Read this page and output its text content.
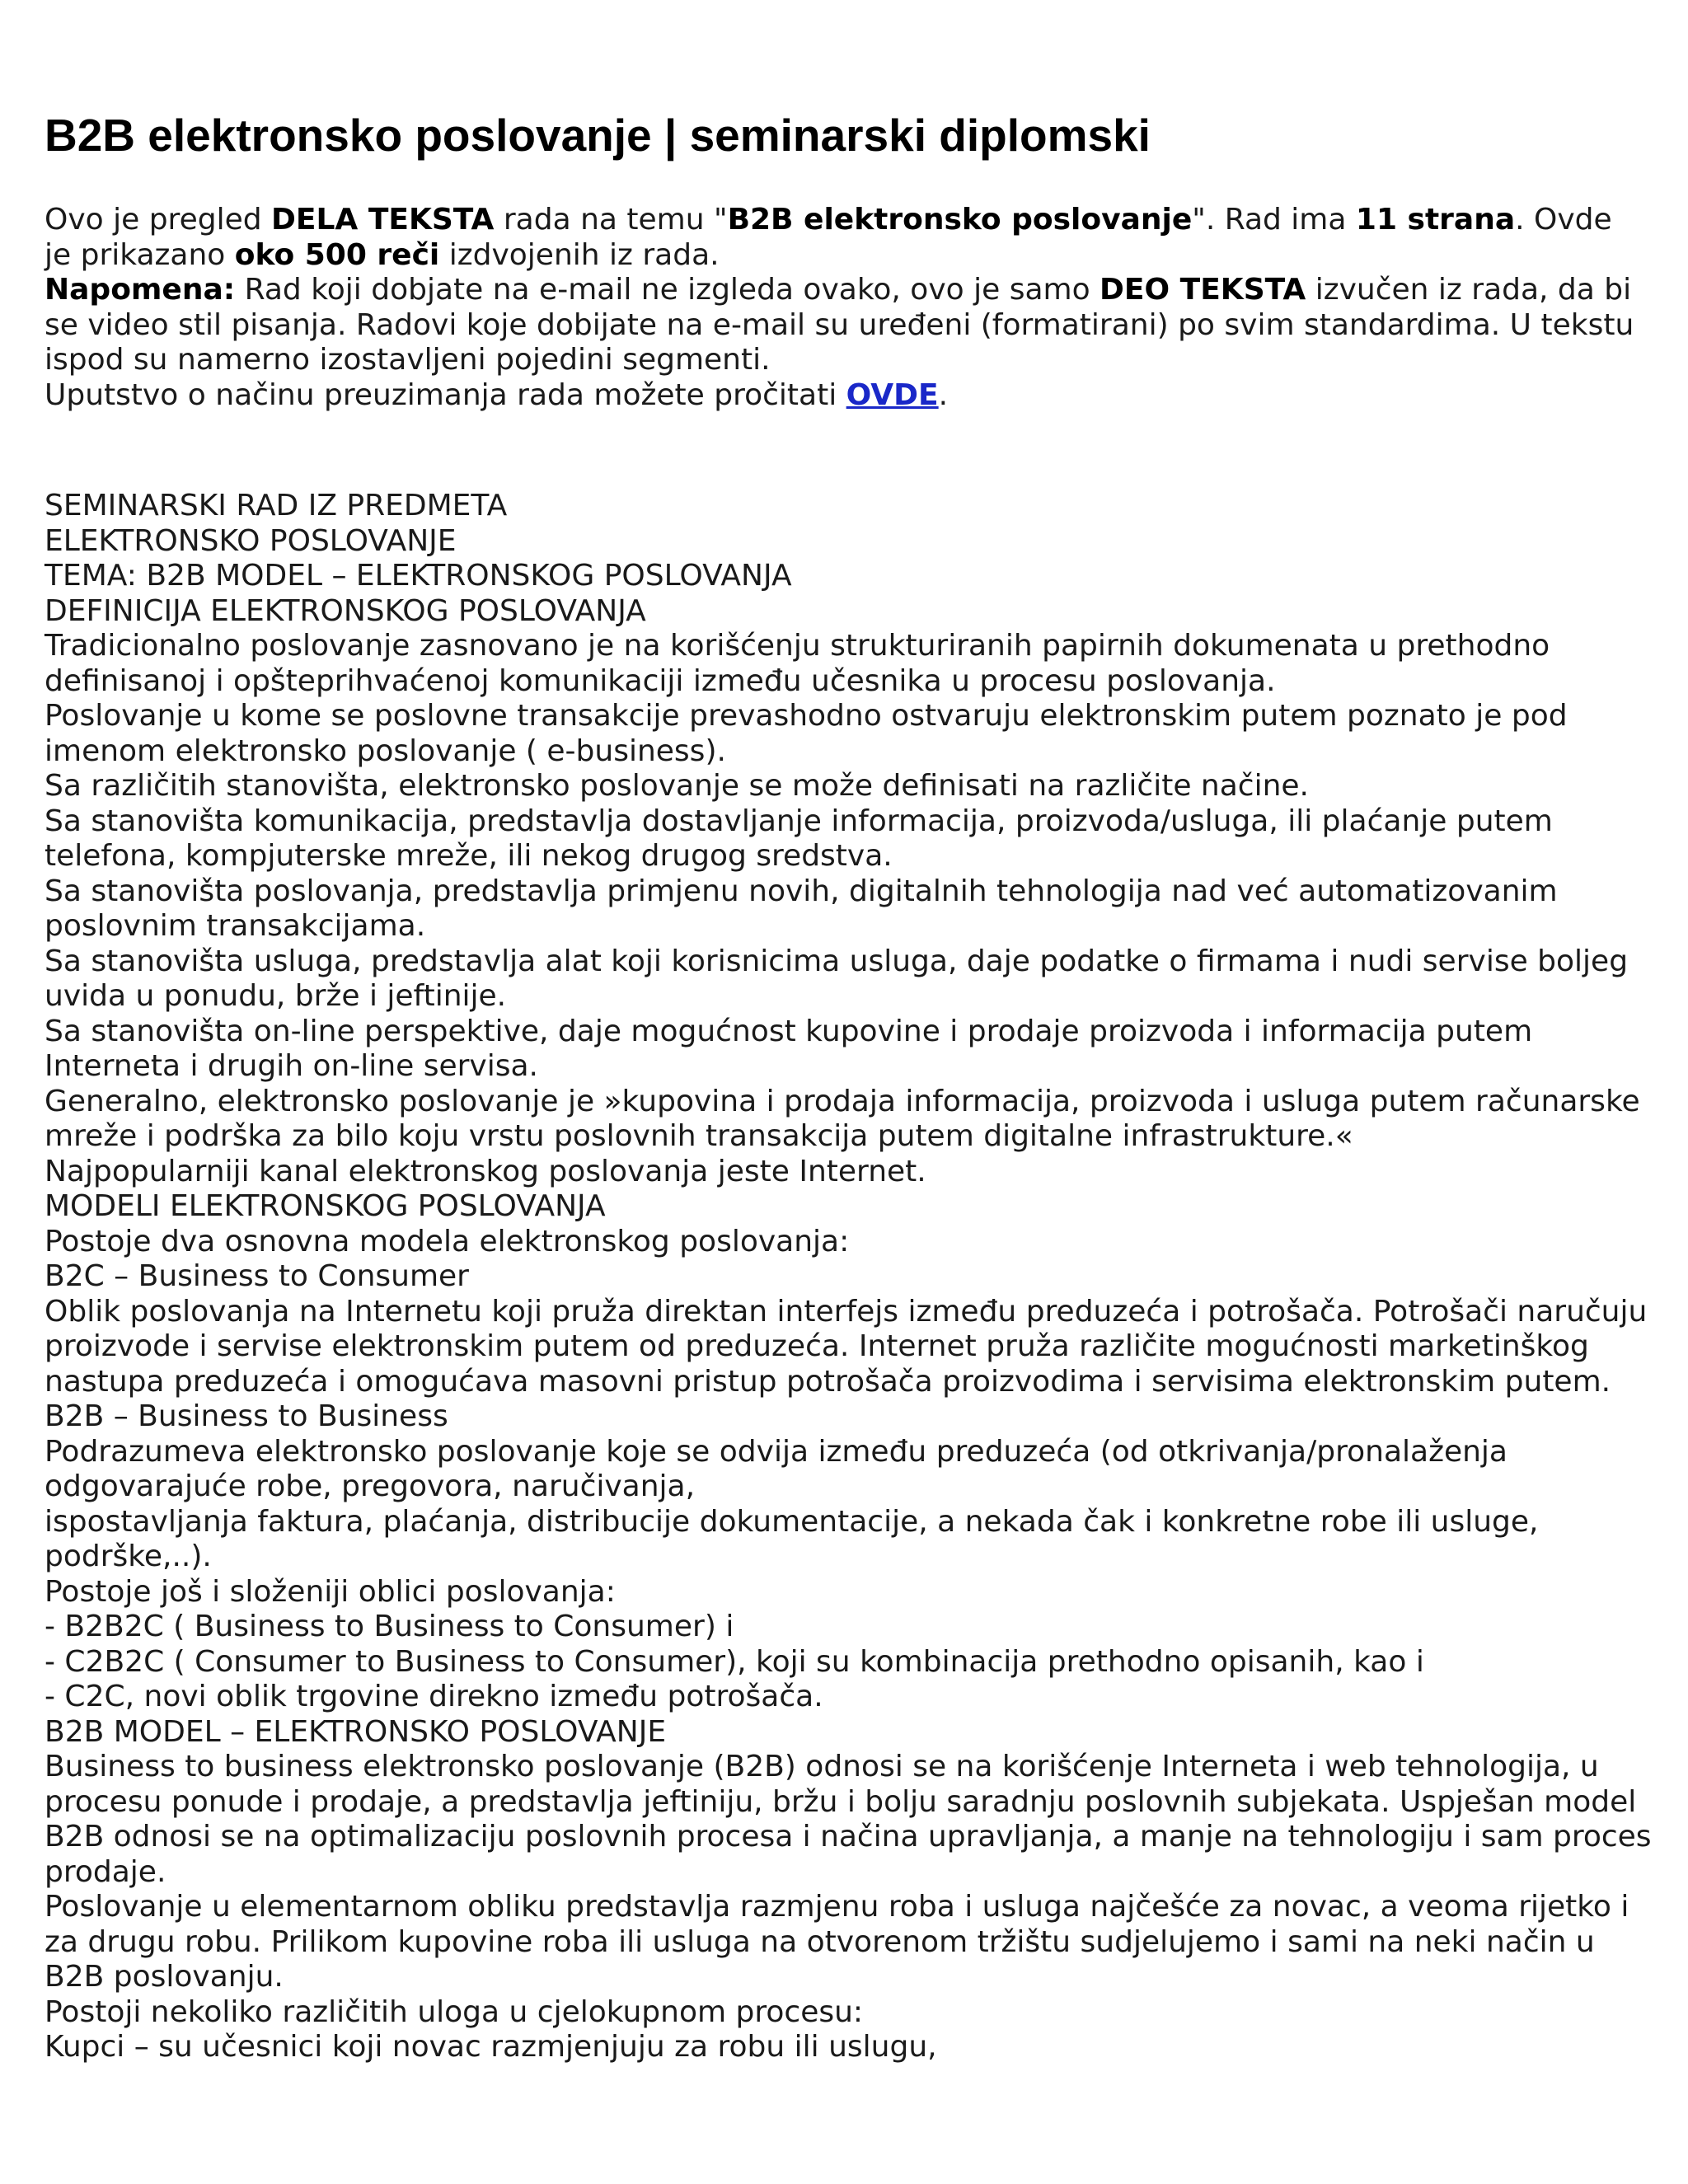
B2B elektronsko poslovanje | seminarski diplomski

Ovo je pregled DELA TEKSTA rada na temu "B2B elektronsko poslovanje". Rad ima 11 strana. Ovde

je prikazano oko 500 reči izdvojenih iz rada.

Napomena: Rad koji dobjate na e-mail ne izgleda ovako, ovo je samo DEO TEKSTA izvučen iz rada, da bi

se video stil pisanja. Radovi koje dobijate na e-mail su uređeni (formatirani) po svim standardima. U tekstu

ispod su namerno izostavljeni pojedini segmenti.

Uputstvo o načinu preuzimanja rada možete pročitati OVDE.

SEMINARSKI RAD IZ PREDMETA

ELEKTRONSKO POSLOVANJE

TEMA: B2B MODEL – ELEKTRONSKOG POSLOVANJA

DEFINICIJA ELEKTRONSKOG POSLOVANJA

Tradicionalno poslovanje zasnovano je na korišćenju strukturiranih papirnih dokumenata u prethodno

definisanoj i opšteprihvaćenoj komunikaciji između učesnika u procesu poslovanja.

Poslovanje u kome se poslovne transakcije prevashodno ostvaruju elektronskim putem poznato je pod

imenom elektronsko poslovanje ( e-business).

Sa različitih stanovišta, elektronsko poslovanje se može definisati na različite načine.

Sa stanovišta komunikacija, predstavlja dostavljanje informacija, proizvoda/usluga, ili plaćanje putem

telefona, kompjuterske mreže, ili nekog drugog sredstva.

Sa stanovišta poslovanja, predstavlja primjenu novih, digitalnih tehnologija nad već automatizovanim

poslovnim transakcijama.

Sa stanovišta usluga, predstavlja alat koji korisnicima usluga, daje podatke o firmama i nudi servise boljeg

uvida u ponudu, brže i jeftinije.

Sa stanovišta on-line perspektive, daje mogućnost kupovine i prodaje proizvoda i informacija putem

Interneta i drugih on-line servisa.

Generalno, elektronsko poslovanje je »kupovina i prodaja informacija, proizvoda i usluga putem računarske

mreže i podrška za bilo koju vrstu poslovnih transakcija putem digitalne infrastrukture.«

Najpopularniji kanal elektronskog poslovanja jeste Internet.

MODELI ELEKTRONSKOG POSLOVANJA

Postoje dva osnovna modela elektronskog poslovanja:

B2C – Business to Consumer

Oblik poslovanja na Internetu koji pruža direktan interfejs između preduzeća i potrošača. Potrošači naručuju

proizvode i servise elektronskim putem od preduzeća. Internet pruža različite mogućnosti marketinškog

nastupa preduzeća i omogućava masovni pristup potrošača proizvodima i servisima elektronskim putem.

B2B – Business to Business

Podrazumeva elektronsko poslovanje koje se odvija između preduzeća (od otkrivanja/pronalaženja

odgovarajuće robe, pregovora, naručivanja,

ispostavljanja faktura, plaćanja, distribucije dokumentacije, a nekada čak i konkretne robe ili usluge,

podrške,..).

Postoje još i složeniji oblici poslovanja:

- B2B2C ( Business to Business to Consumer) i

- C2B2C ( Consumer to Business to Consumer), koji su kombinacija prethodno opisanih, kao i

- C2C, novi oblik trgovine direkno između potrošača.

B2B MODEL – ELEKTRONSKO POSLOVANJE

Business to business elektronsko poslovanje (B2B) odnosi se na korišćenje Interneta i web tehnologija, u

procesu ponude i prodaje, a predstavlja jeftiniju, bržu i bolju saradnju poslovnih subjekata. Uspješan model

B2B odnosi se na optimalizaciju poslovnih procesa i načina upravljanja, a manje na tehnologiju i sam proces

prodaje.

Poslovanje u elementarnom obliku predstavlja razmjenu roba i usluga najčešće za novac, a veoma rijetko i

za drugu robu. Prilikom kupovine roba ili usluga na otvorenom tržištu sudjelujemo i sami na neki način u

B2B poslovanju.

Postoji nekoliko različitih uloga u cjelokupnom procesu:

Kupci – su učesnici koji novac razmjenjuju za robu ili uslugu,
